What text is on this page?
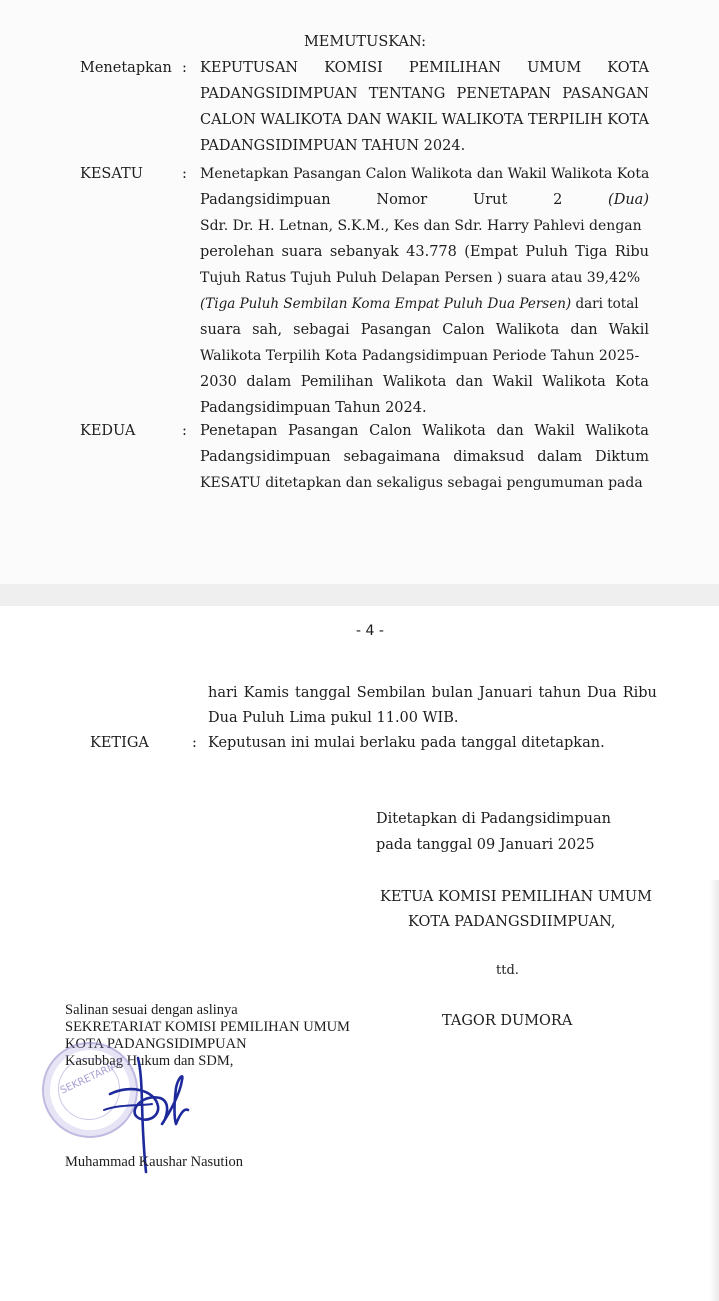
MEMUTUSKAN:
Menetapkan : KEPUTUSAN KOMISI PEMILIHAN UMUM KOTA
PADANGSIDIMPUAN TENTANG PENETAPAN PASANGAN
CALON WALIKOTA DAN WAKIL WALIKOTA TERPILIH KOTA
PADANGSIDIMPUAN TAHUN 2024.
KESATU	: Menetapkan Pasangan Calon Walikota dan Wakil Walikota Kota
Padangsidimpuan	Nomor	Urut	2	(Dua)
Sdr. Dr. H. Letnan, S.K.M., Kes dan Sdr. Harry Pahlevi dengan
perolehan suara sebanyak 43.778 (Empat Puluh Tiga Ribu
Tujuh Ratus Tujuh Puluh Delapan Persen ) suara atau 39,42%
(Tiga Puluh Sembilan Koma Empat Puluh Dua Persen) dari total
suara sah, sebagai Pasangan Calon Walikota dan Wakil
Walikota Terpilih Kota Padangsidimpuan Periode Tahun 2025-
2030 dalam Pemilihan Walikota dan Wakil Walikota Kota
Padangsidimpuan Tahun 2024.
KEDUA	: Penetapan Pasangan Calon Walikota dan Wakil Walikota
Padangsidimpuan sebagaimana dimaksud dalam Diktum
KESATU ditetapkan dan sekaligus sebagai pengumuman pada
- 4 -
hari Kamis tanggal Sembilan bulan Januari tahun Dua Ribu
Dua Puluh Lima pukul 11.00 WIB.
KETIGA	: Keputusan ini mulai berlaku pada tanggal ditetapkan.
Ditetapkan di Padangsidimpuan
pada tanggal 09 Januari 2025
KETUA KOMISI PEMILIHAN UMUM
KOTA PADANGSDIIMPUAN,
ttd.
TAGOR DUMORA
Salinan sesuai dengan aslinya
SEKRETARIAT KOMISI PEMILIHAN UMUM
KOTA PADANGSIDIMPUAN
Kasubbag Hukum dan SDM,
SEKRETARIAT
Muhammad Kaushar Nasution
